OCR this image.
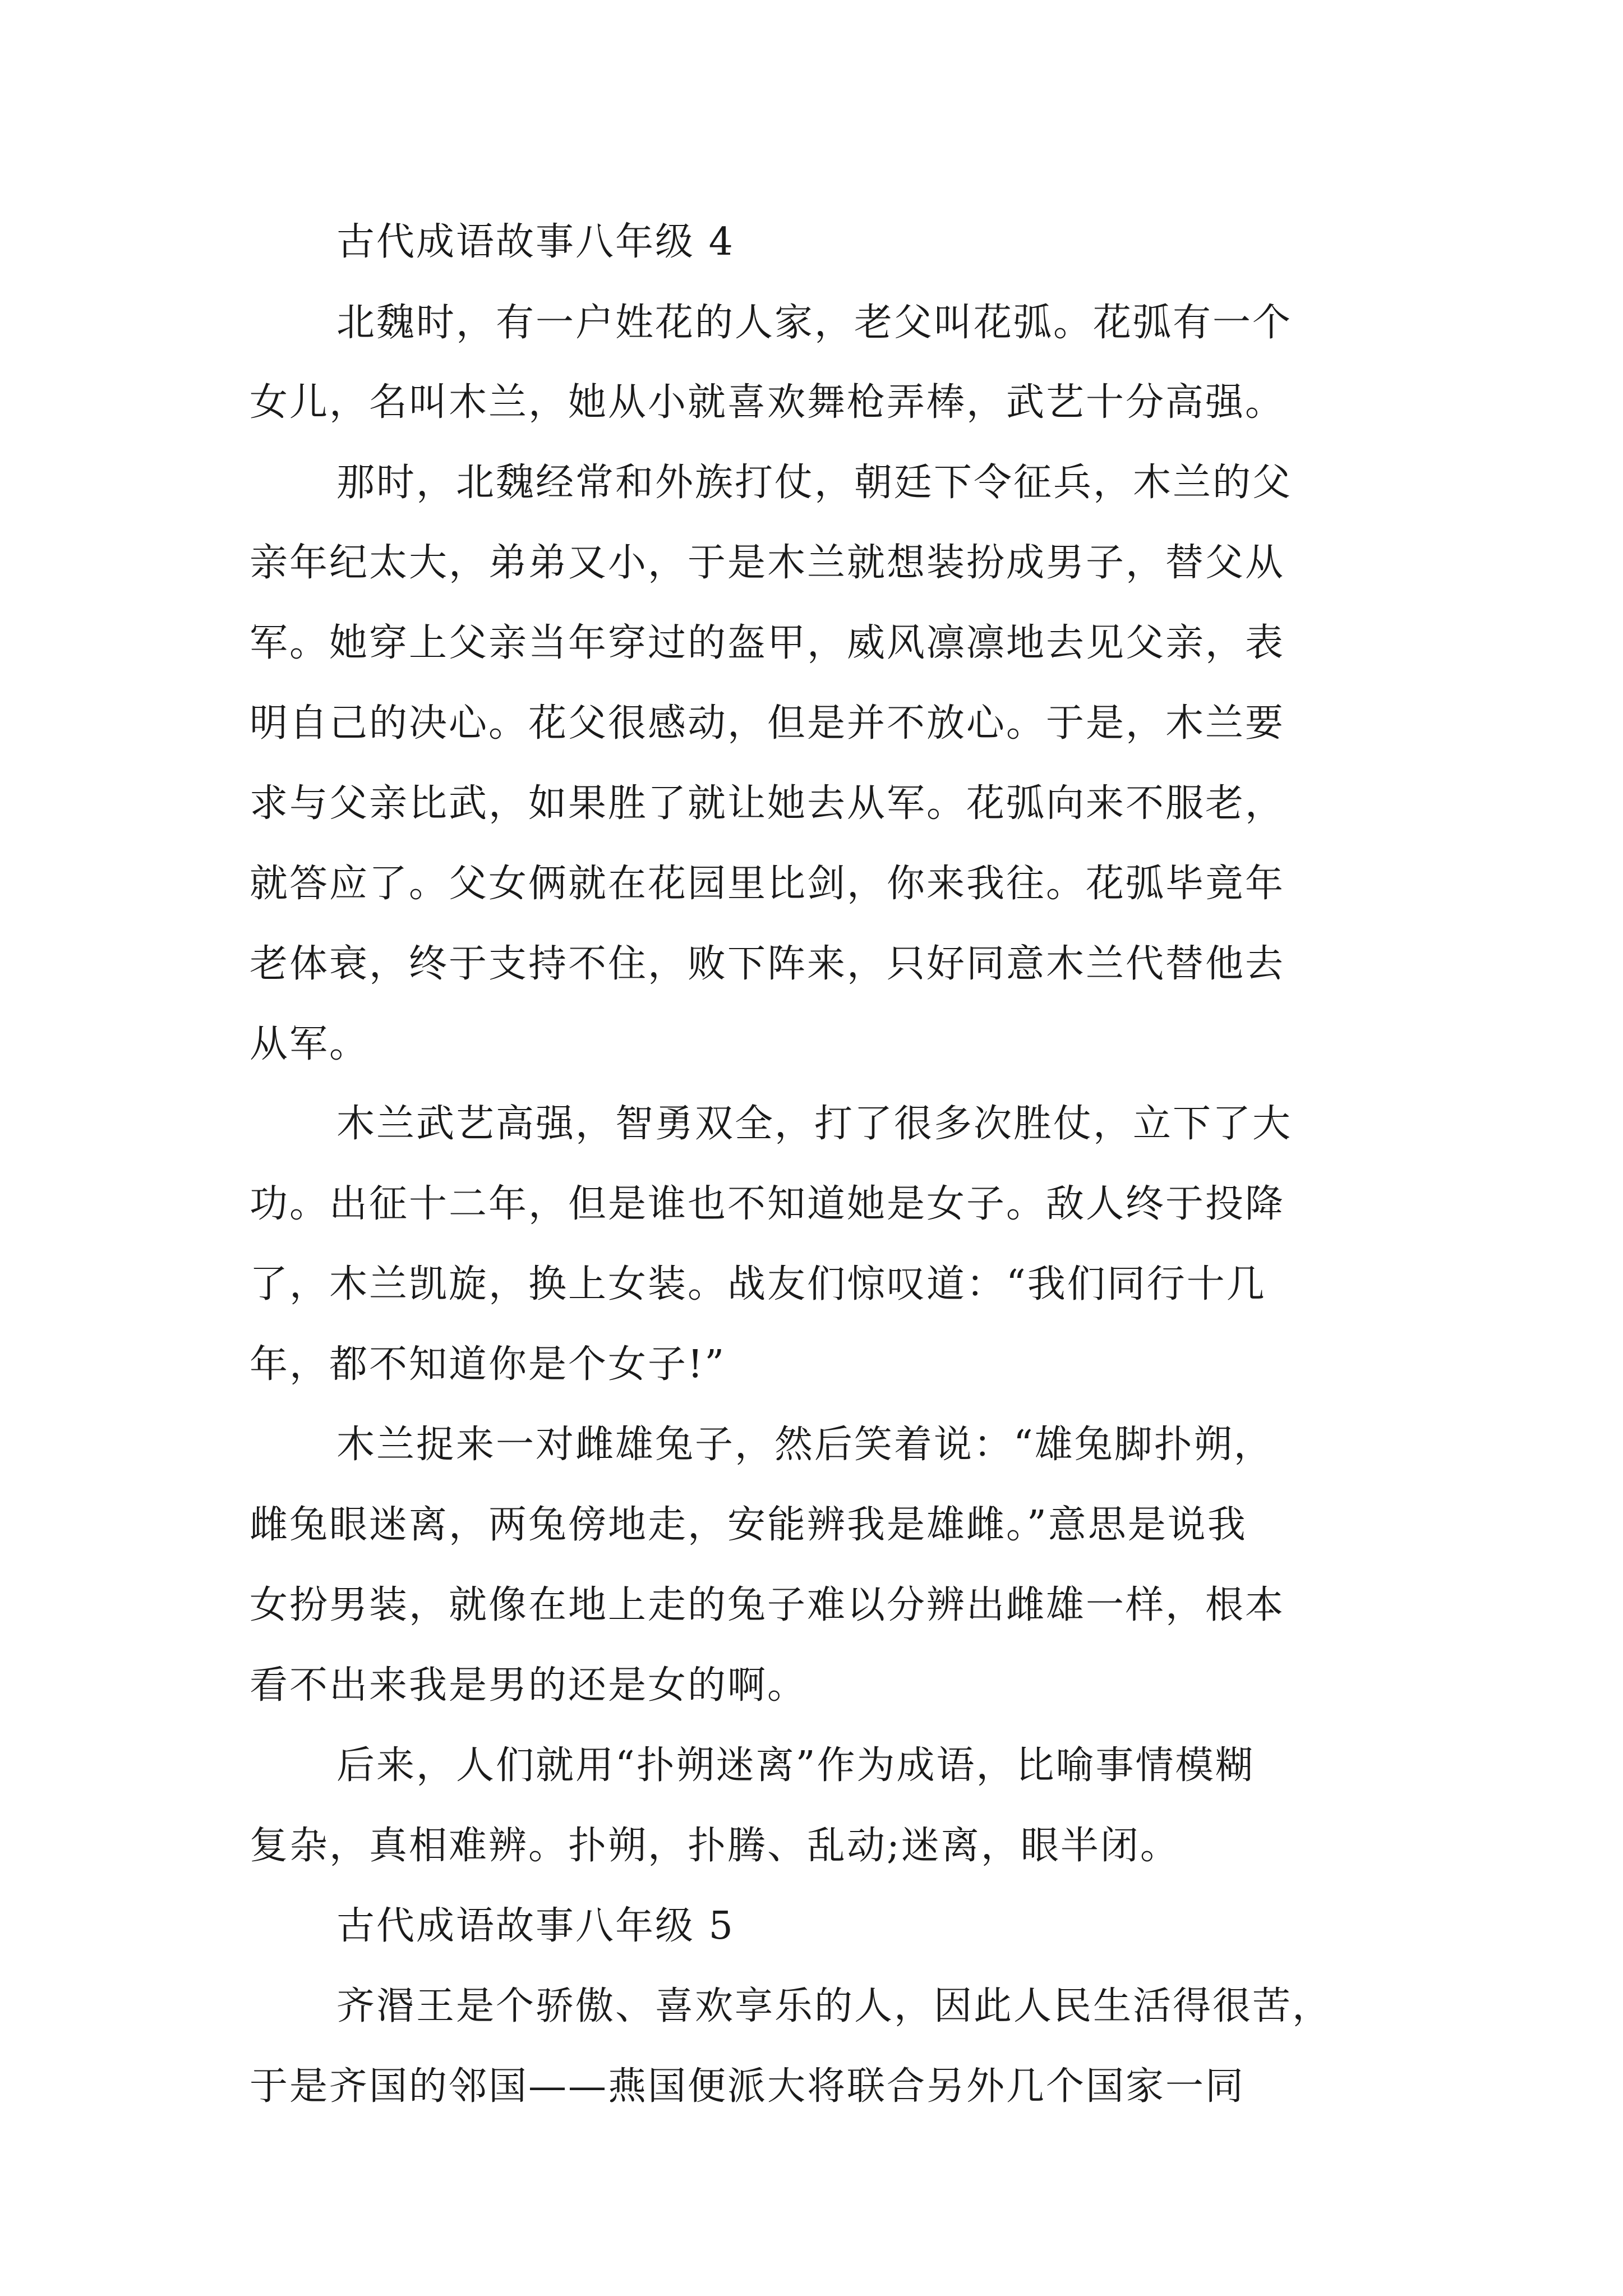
古代成语故事八年级 4
北魏时，有一户姓花的人家，老父叫花弧。花弧有一个
女儿，名叫木兰，她从小就喜欢舞枪弄棒，武艺十分高强。
那时，北魏经常和外族打仗，朝廷下令征兵，木兰的父
亲年纪太大，弟弟又小，于是木兰就想装扮成男子，替父从
军。她穿上父亲当年穿过的盔甲，威风凛凛地去见父亲，表
明自己的决心。花父很感动，但是并不放心。于是，木兰要
求与父亲比武，如果胜了就让她去从军。花弧向来不服老，
就答应了。父女俩就在花园里比剑，你来我往。花弧毕竟年
老体衰，终于支持不住，败下阵来，只好同意木兰代替他去
从军。
木兰武艺高强，智勇双全，打了很多次胜仗，立下了大
功。出征十二年，但是谁也不知道她是女子。敌人终于投降
了，木兰凯旋，换上女装。战友们惊叹道：“我们同行十几
年，都不知道你是个女子!”
木兰捉来一对雌雄兔子，然后笑着说：“雄兔脚扑朔，
雌兔眼迷离，两兔傍地走，安能辨我是雄雌。”意思是说我
女扮男装，就像在地上走的兔子难以分辨出雌雄一样，根本
看不出来我是男的还是女的啊。
后来，人们就用“扑朔迷离”作为成语，比喻事情模糊
复杂，真相难辨。扑朔，扑腾、乱动;迷离，眼半闭。
古代成语故事八年级 5
齐湣王是个骄傲、喜欢享乐的人，因此人民生活得很苦，
于是齐国的邻国——燕国便派大将联合另外几个国家一同
